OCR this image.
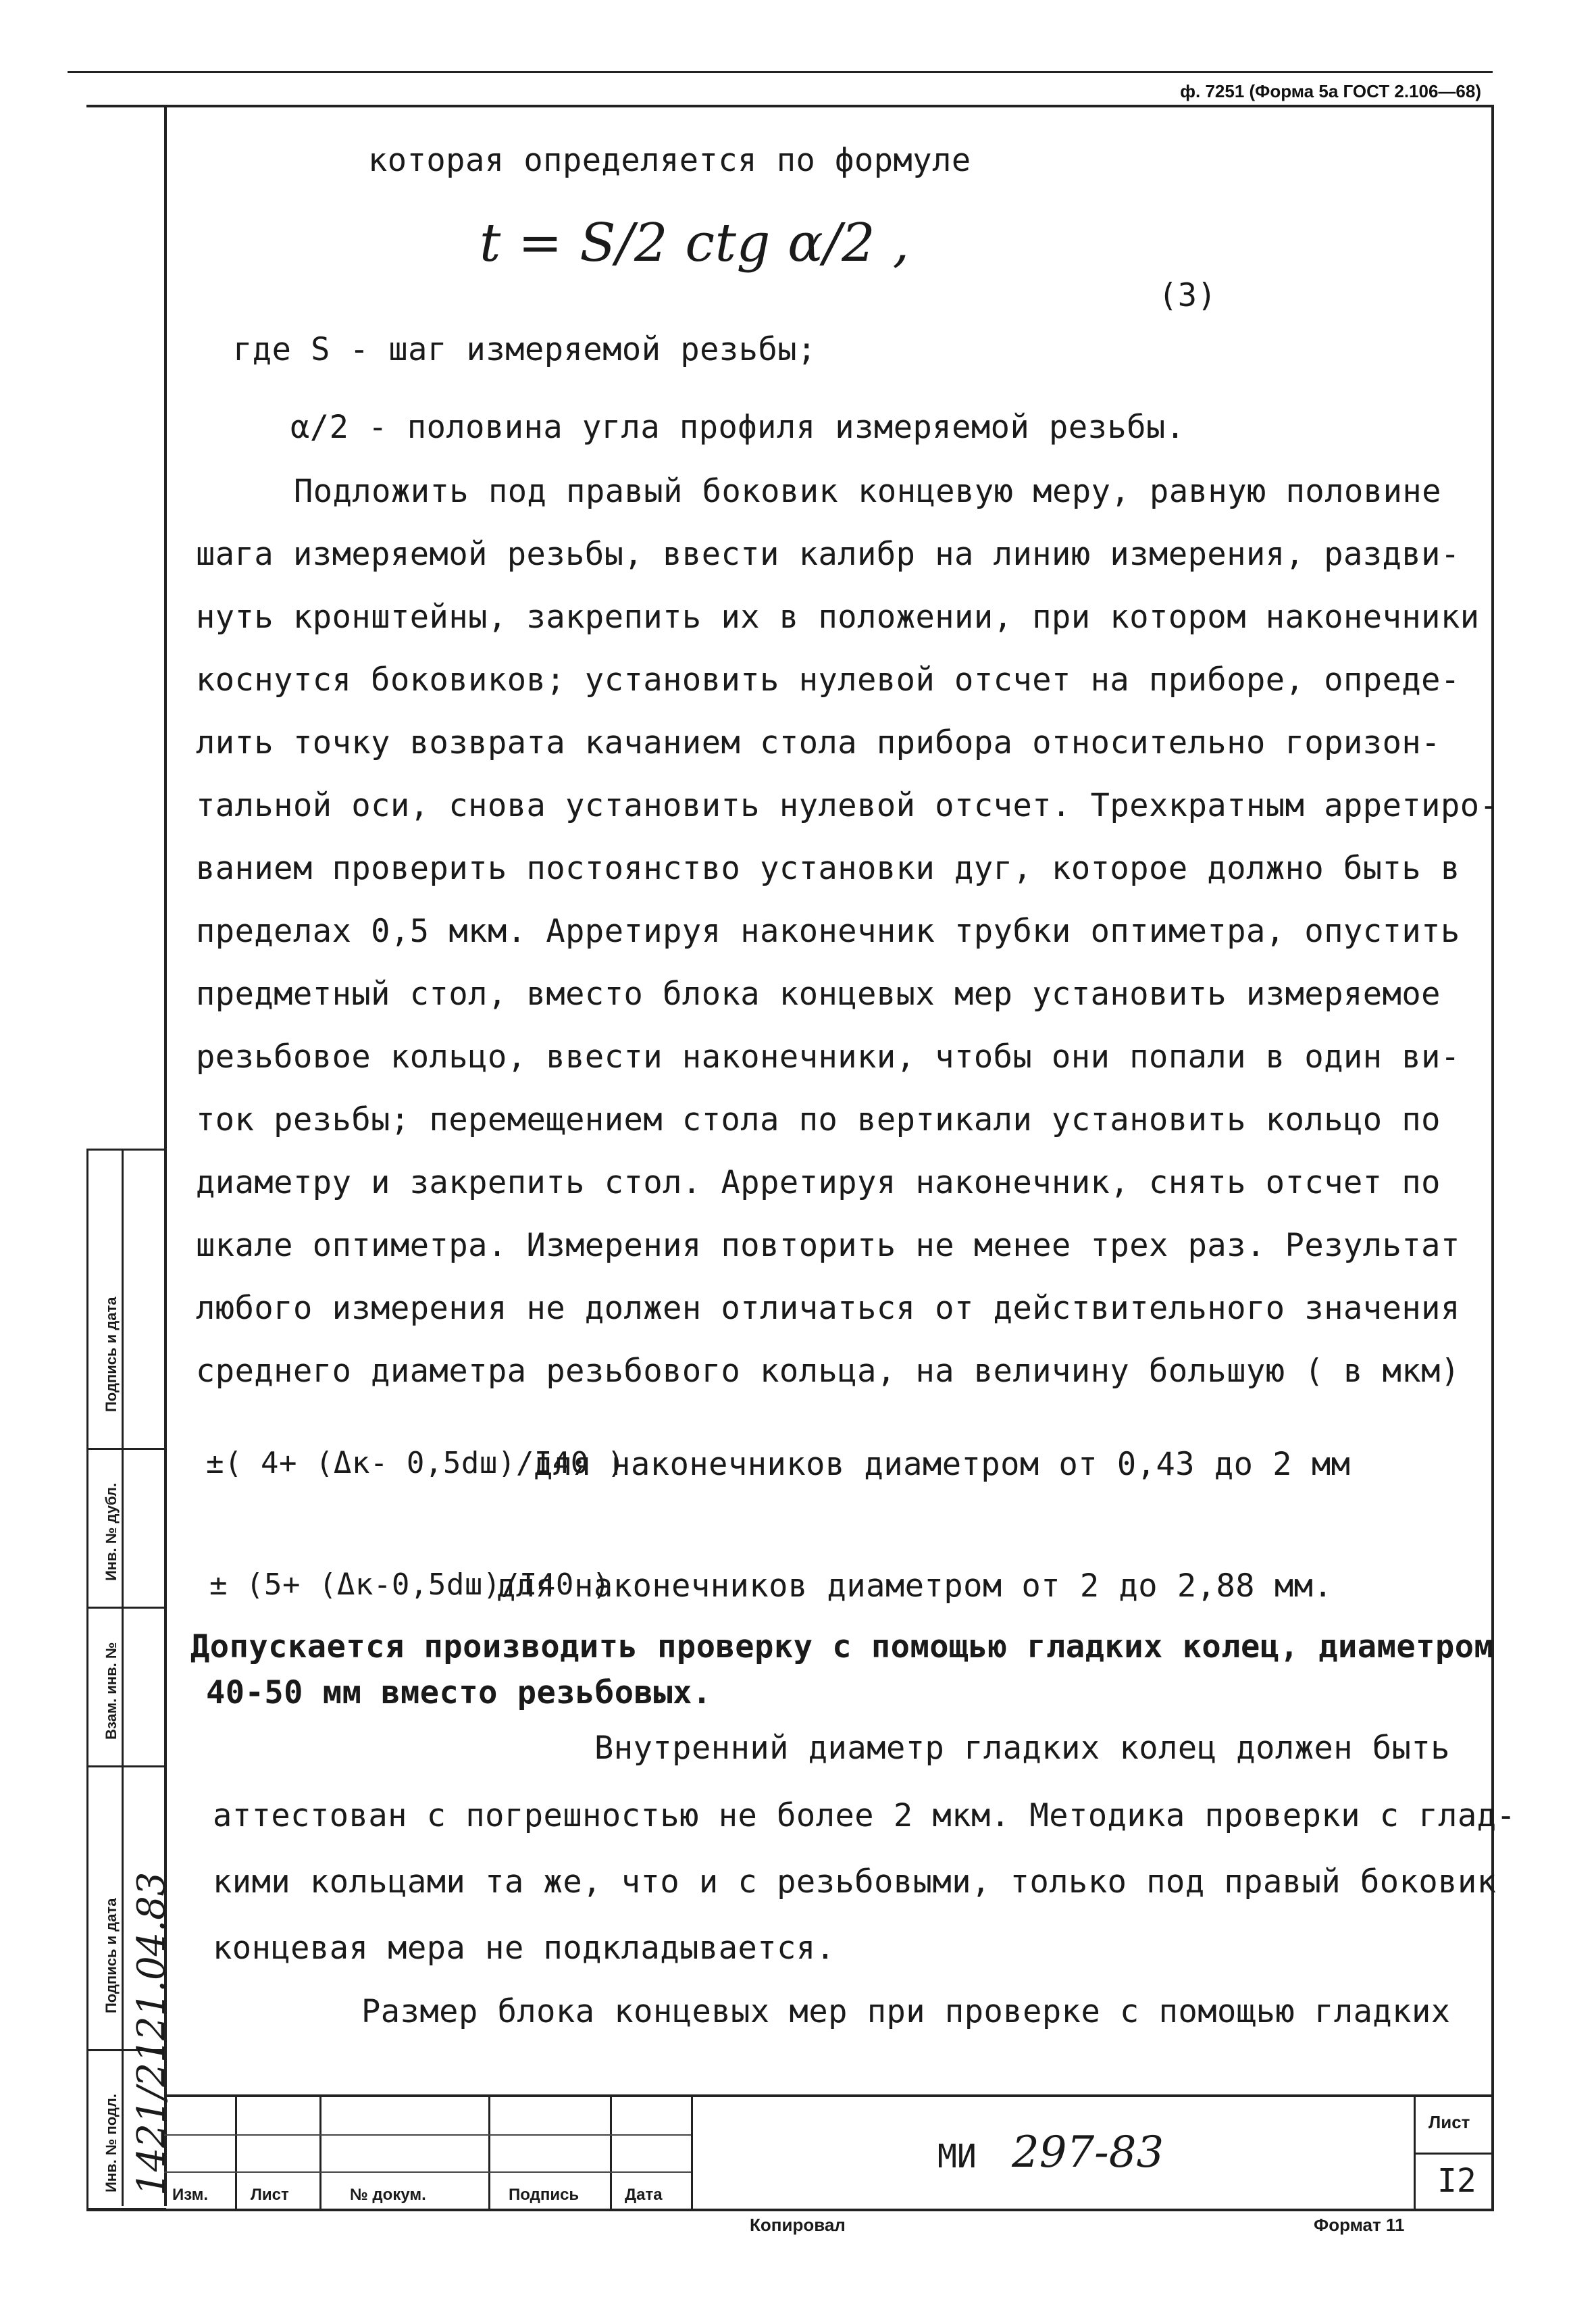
ф. 7251 (Форма 5а ГОСТ 2.106—68)
которая определяется по формуле
t = S/2 ctg α/2 ,
(3)
где S - шаг измеряемой резьбы;
α/2 - половина угла профиля измеряемой резьбы.
Подложить под правый боковик концевую меру, равную половине
шага измеряемой резьбы, ввести калибр на линию измерения, раздви-
нуть кронштейны, закрепить их в положении, при котором наконечники
коснутся боковиков; установить нулевой отсчет на приборе, опреде-
лить точку возврата качанием стола прибора относительно горизон-
тальной оси, снова установить нулевой отсчет. Трехкратным арретиро-
ванием проверить постоянство установки дуг, которое должно быть в
пределах 0,5 мкм. Арретируя наконечник трубки оптиметра, опустить
предметный стол, вместо блока концевых мер установить измеряемое
резьбовое кольцо, ввести наконечники, чтобы они попали в один ви-
ток резьбы; перемещением стола по вертикали установить кольцо по
диаметру и закрепить стол. Арретируя наконечник, снять отсчет по
шкале оптиметра. Измерения повторить не менее трех раз. Результат
любого измерения не должен отличаться от действительного значения
среднего диаметра резьбового кольца, на величину большую ( в мкм)
±( 4+ (Δк- 0,5dш)/I40 )
для наконечников диаметром от 0,43 до 2 мм
± (5+ (Δк-0,5dш)/I40 )
для наконечников диаметром от 2 до 2,88 мм.
Допускается производить проверку с помощью гладких колец, диаметром
40-50 мм вместо резьбовых.
Внутренний диаметр гладких колец должен быть
аттестован с погрешностью не более 2 мкм. Методика проверки с глад-
кими кольцами та же, что и с резьбовыми, только под правый боковик
концевая мера не подкладывается.
Размер блока концевых мер при проверке с помощью гладких
Подпись и дата
Инв. № дубл.
Взам. инв. №
Подпись и дата
Инв. № подл.
21.04.83
1421/21
Изм.	Лист	№ докум.	Подпись	Дата
МИ 297-83
Лист
I2
Копировал	Формат 11
